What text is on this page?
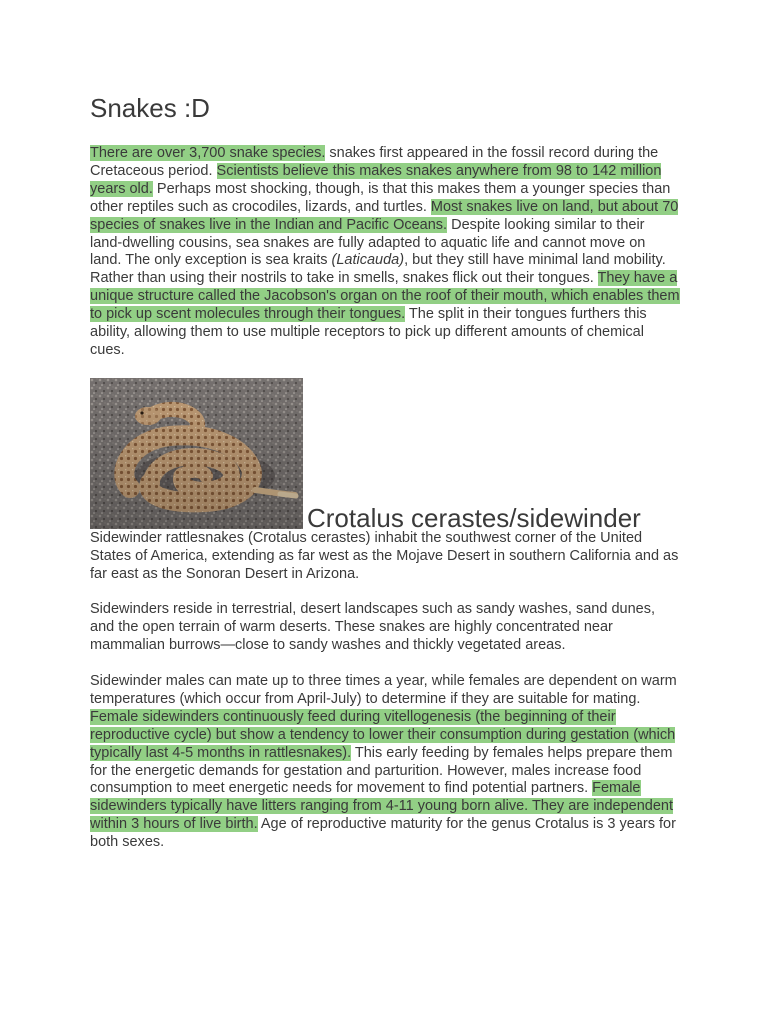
Snakes :D

There are over 3,700 snake species. snakes first appeared in the fossil record during the Cretaceous period. Scientists believe this makes snakes anywhere from 98 to 142 million years old. Perhaps most shocking, though, is that this makes them a younger species than other reptiles such as crocodiles, lizards, and turtles. Most snakes live on land, but about 70 species of snakes live in the Indian and Pacific Oceans. Despite looking similar to their land-dwelling cousins, sea snakes are fully adapted to aquatic life and cannot move on land. The only exception is sea kraits (Laticauda), but they still have minimal land mobility. Rather than using their nostrils to take in smells, snakes flick out their tongues. They have a unique structure called the Jacobson's organ on the roof of their mouth, which enables them to pick up scent molecules through their tongues. The split in their tongues furthers this ability, allowing them to use multiple receptors to pick up different amounts of chemical cues.

Crotalus cerastes/sidewinder

Sidewinder rattlesnakes (Crotalus cerastes) inhabit the southwest corner of the United States of America, extending as far west as the Mojave Desert in southern California and as far east as the Sonoran Desert in Arizona.

Sidewinders reside in terrestrial, desert landscapes such as sandy washes, sand dunes, and the open terrain of warm deserts. These snakes are highly concentrated near mammalian burrows—close to sandy washes and thickly vegetated areas.

Sidewinder males can mate up to three times a year, while females are dependent on warm temperatures (which occur from April-July) to determine if they are suitable for mating. Female sidewinders continuously feed during vitellogenesis (the beginning of their reproductive cycle) but show a tendency to lower their consumption during gestation (which typically last 4-5 months in rattlesnakes). This early feeding by females helps prepare them for the energetic demands for gestation and parturition. However, males increase food consumption to meet energetic needs for movement to find potential partners. Female sidewinders typically have litters ranging from 4-11 young born alive. They are independent within 3 hours of live birth. Age of reproductive maturity for the genus Crotalus is 3 years for both sexes.
